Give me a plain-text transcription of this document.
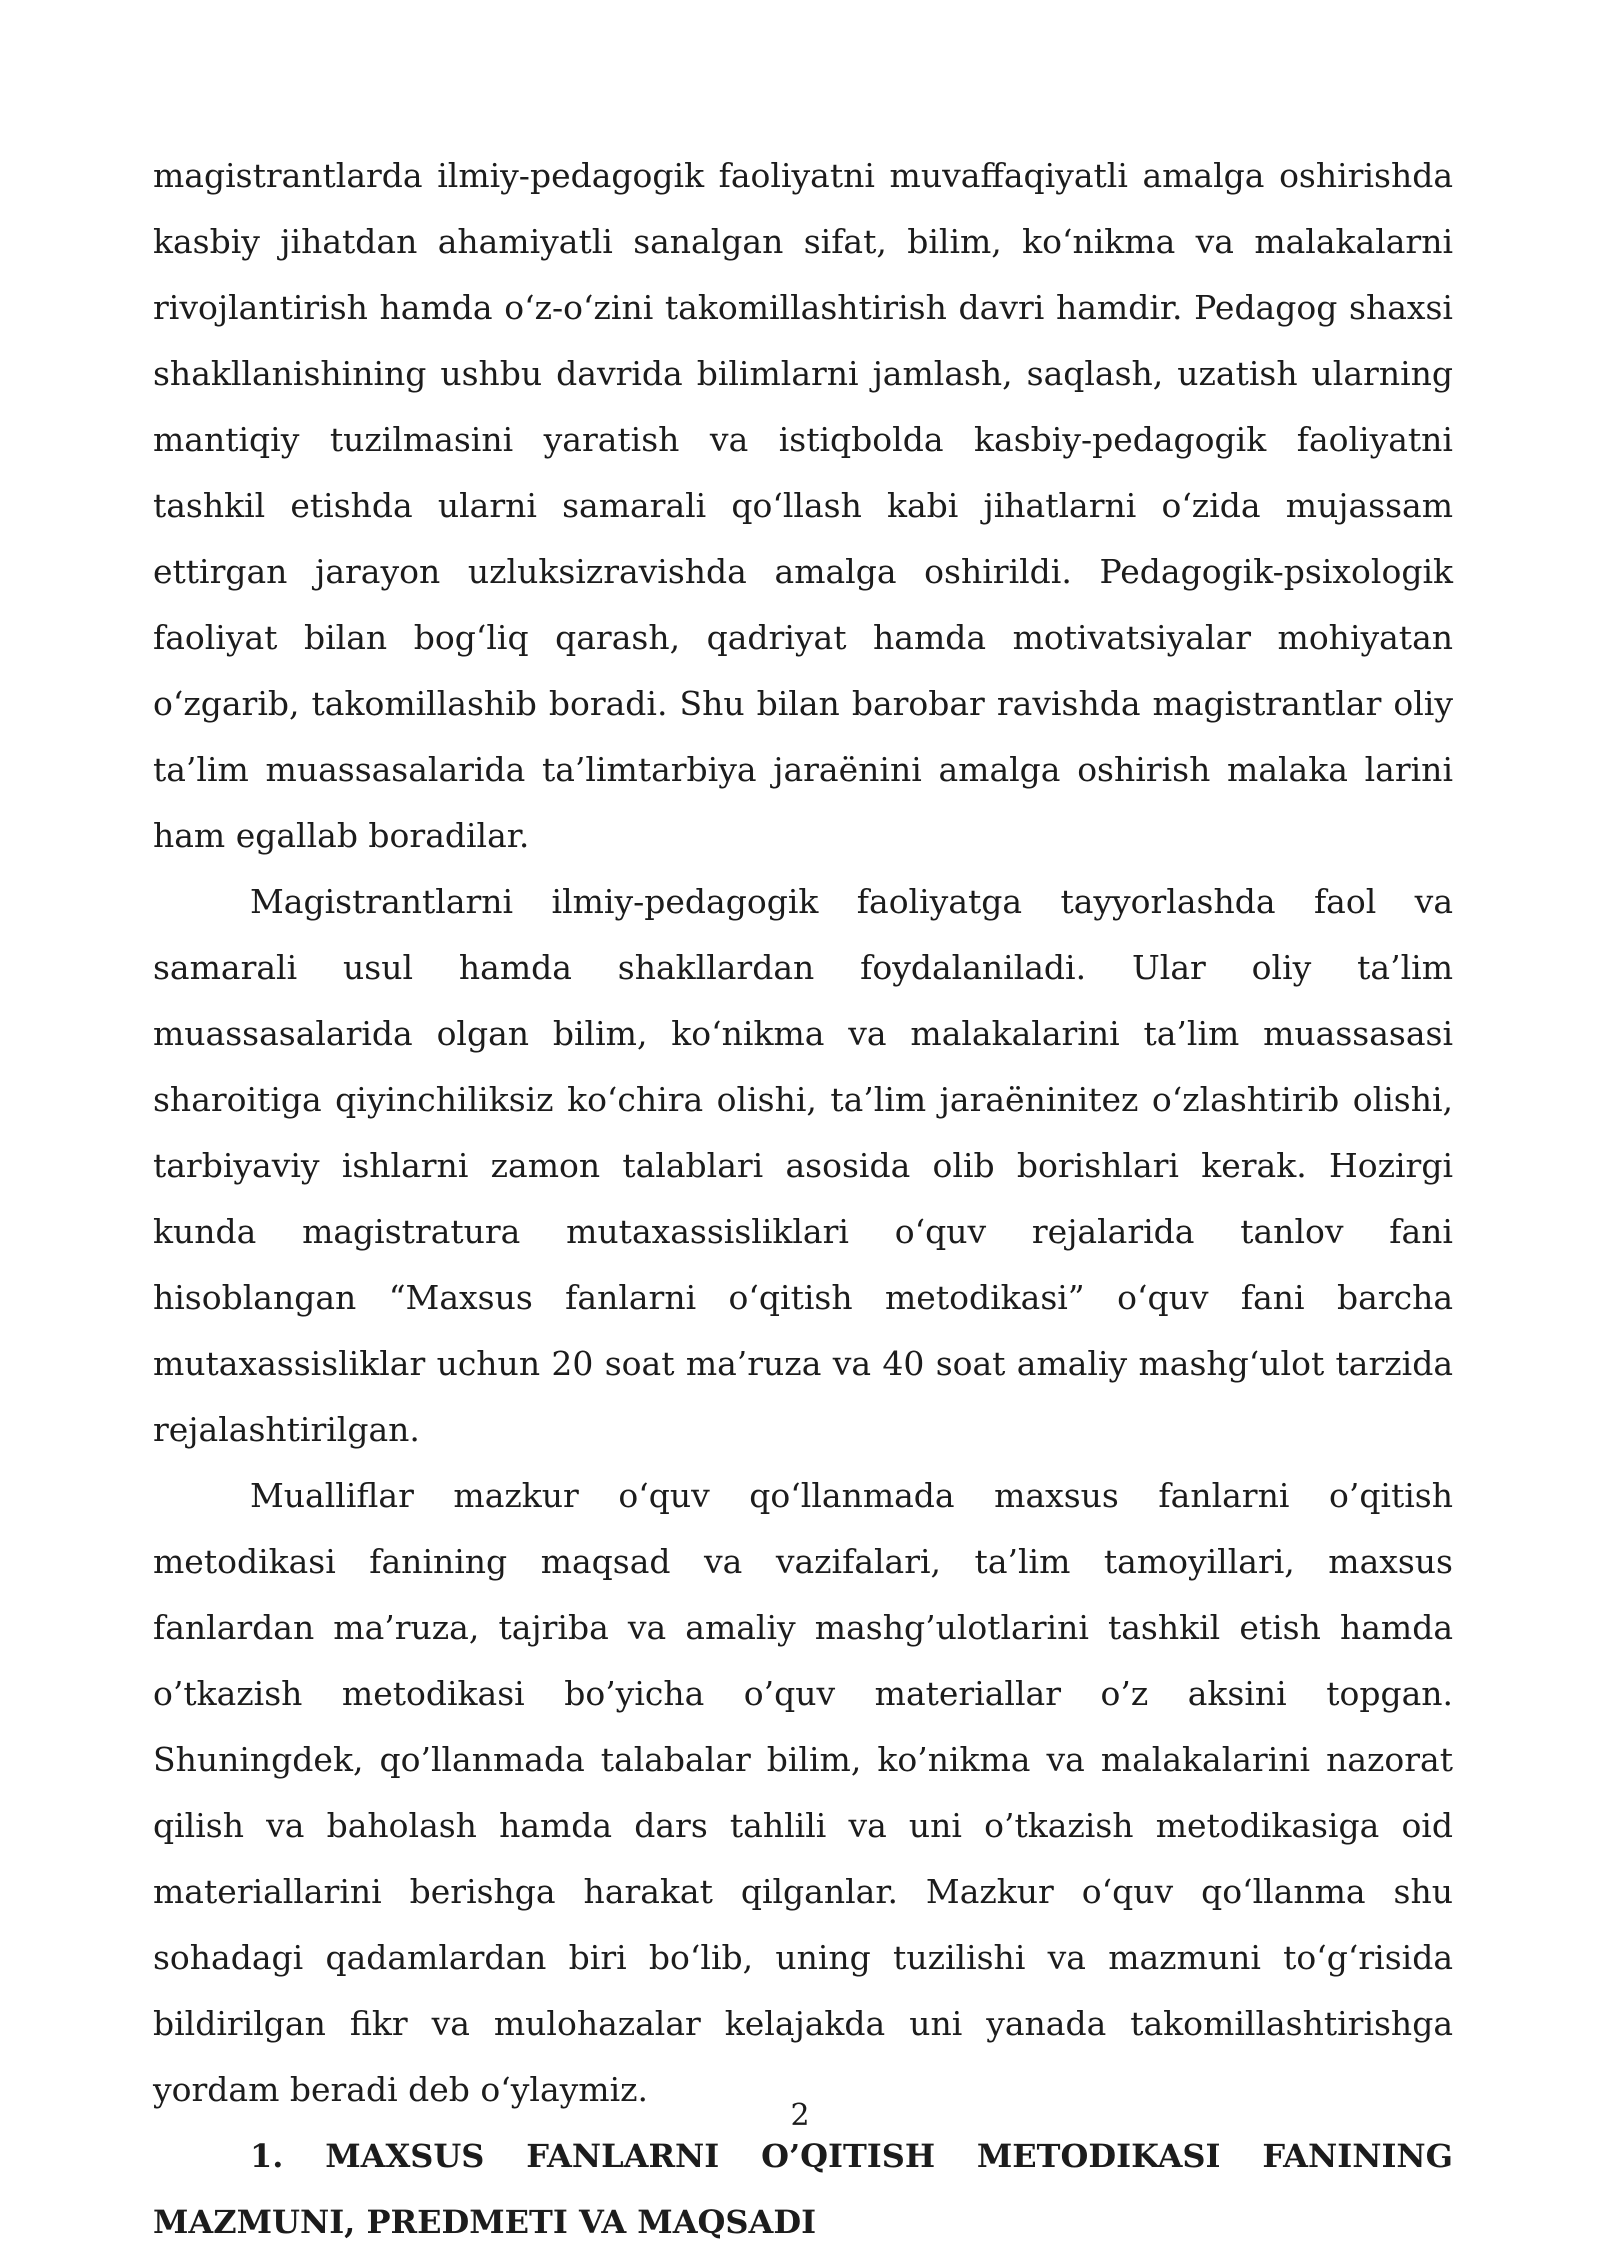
magistrantlarda ilmiy-pedagogik faoliyatni muvaffaqiyatli amalga oshirishda kasbiy jihatdan ahamiyatli sanalgan sifat, bilim, ko‘nikma va malakalarni rivojlantirish hamda o‘z-o‘zini takomillashtirish davri hamdir. Pedagog shaxsi shakllanishining ushbu davrida bilimlarni jamlash, saqlash, uzatish ularning mantiqiy tuzilmasini yaratish va istiqbolda kasbiy-pedagogik faoliyatni tashkil etishda ularni samarali qo‘llash kabi jihatlarni o‘zida mujassam ettirgan jarayon uzluksizravishda amalga oshirildi. Pedagogik-psixologik faoliyat bilan bog‘liq qarash, qadriyat hamda motivatsiyalar mohiyatan o‘zgarib, takomillashib boradi. Shu bilan barobar ravishda magistrantlar oliy ta’lim muassasalarida ta’limtarbiya jaraёnini amalga oshirish malaka larini ham egallab boradilar.

Magistrantlarni ilmiy-pedagogik faoliyatga tayyorlashda faol va samarali usul hamda shakllardan foydalaniladi. Ular oliy ta’lim muassasalarida olgan bilim, ko‘nikma va malakalarini ta’lim muassasasi sharoitiga qiyinchiliksiz ko‘chira olishi, ta’lim jaraёninitez o‘zlashtirib olishi, tarbiyaviy ishlarni zamon talablari asosida olib borishlari kerak. Hozirgi kunda magistratura mutaxassisliklari o‘quv rejalarida tanlov fani hisoblangan “Maxsus fanlarni o‘qitish metodikasi” o‘quv fani barcha mutaxassisliklar uchun 20 soat ma’ruza va 40 soat amaliy mashg‘ulot tarzida rejalashtirilgan.

Mualliflar mazkur o‘quv qo‘llanmada maxsus fanlarni o’qitish metodikasi fanining maqsad va vazifalari, ta’lim tamoyillari, maxsus fanlardan ma’ruza, tajriba va amaliy mashg’ulotlarini tashkil etish hamda o’tkazish metodikasi bo’yicha o’quv materiallar o’z aksini topgan. Shuningdek, qo’llanmada talabalar bilim, ko’nikma va malakalarini nazorat qilish va baholash hamda dars tahlili va uni o’tkazish metodikasiga oid materiallarini berishga harakat qilganlar. Mazkur o‘quv qo‘llanma shu sohadagi qadamlardan biri bo‘lib, uning tuzilishi va mazmuni to‘g‘risida bildirilgan fikr va mulohazalar kelajakda uni yanada takomillashtirishga yordam beradi deb o‘ylaymiz.

1. MAXSUS FANLARNI O’QITISH METODIKASI FANINING MAZMUNI, PREDMETI VA MAQSADI
2
